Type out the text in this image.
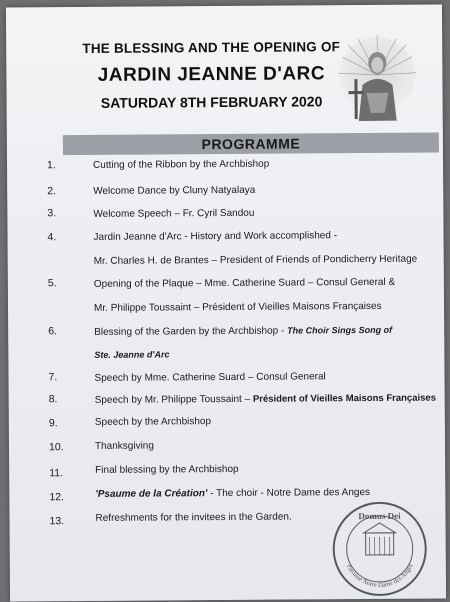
THE BLESSING AND THE OPENING OF
JARDIN JEANNE D'ARC
SATURDAY 8TH FEBRUARY 2020
PROGRAMME
1.	Cutting of the Ribbon by the Archbishop
2.	Welcome Dance by Cluny Natyalaya
3.	Welcome Speech – Fr. Cyril Sandou
4.	Jardin Jeanne d'Arc - History and Work accomplished -
Mr. Charles H. de Brantes – President of Friends of Pondicherry Heritage
5.	Opening of the Plaque – Mme. Catherine Suard – Consul General &
Mr. Philippe Toussaint – Président of Vieilles Maisons Françaises
6.	Blessing of the Garden by the Archbishop - The Choir Sings Song of
Ste. Jeanne d'Arc
7.	Speech by Mme. Catherine Suard – Consul General
8.	Speech by Mr. Philippe Toussaint – Président of Vieilles Maisons Françaises
9.	Speech by the Archbishop
10.	Thanksgiving
11.	Final blessing by the Archbishop
12.	'Psaume de la Création' - The choir - Notre Dame des Anges
13.	Refreshments for the invitees in the Garden.	Domus Dei
Paroisse Notre Dame des Anges
